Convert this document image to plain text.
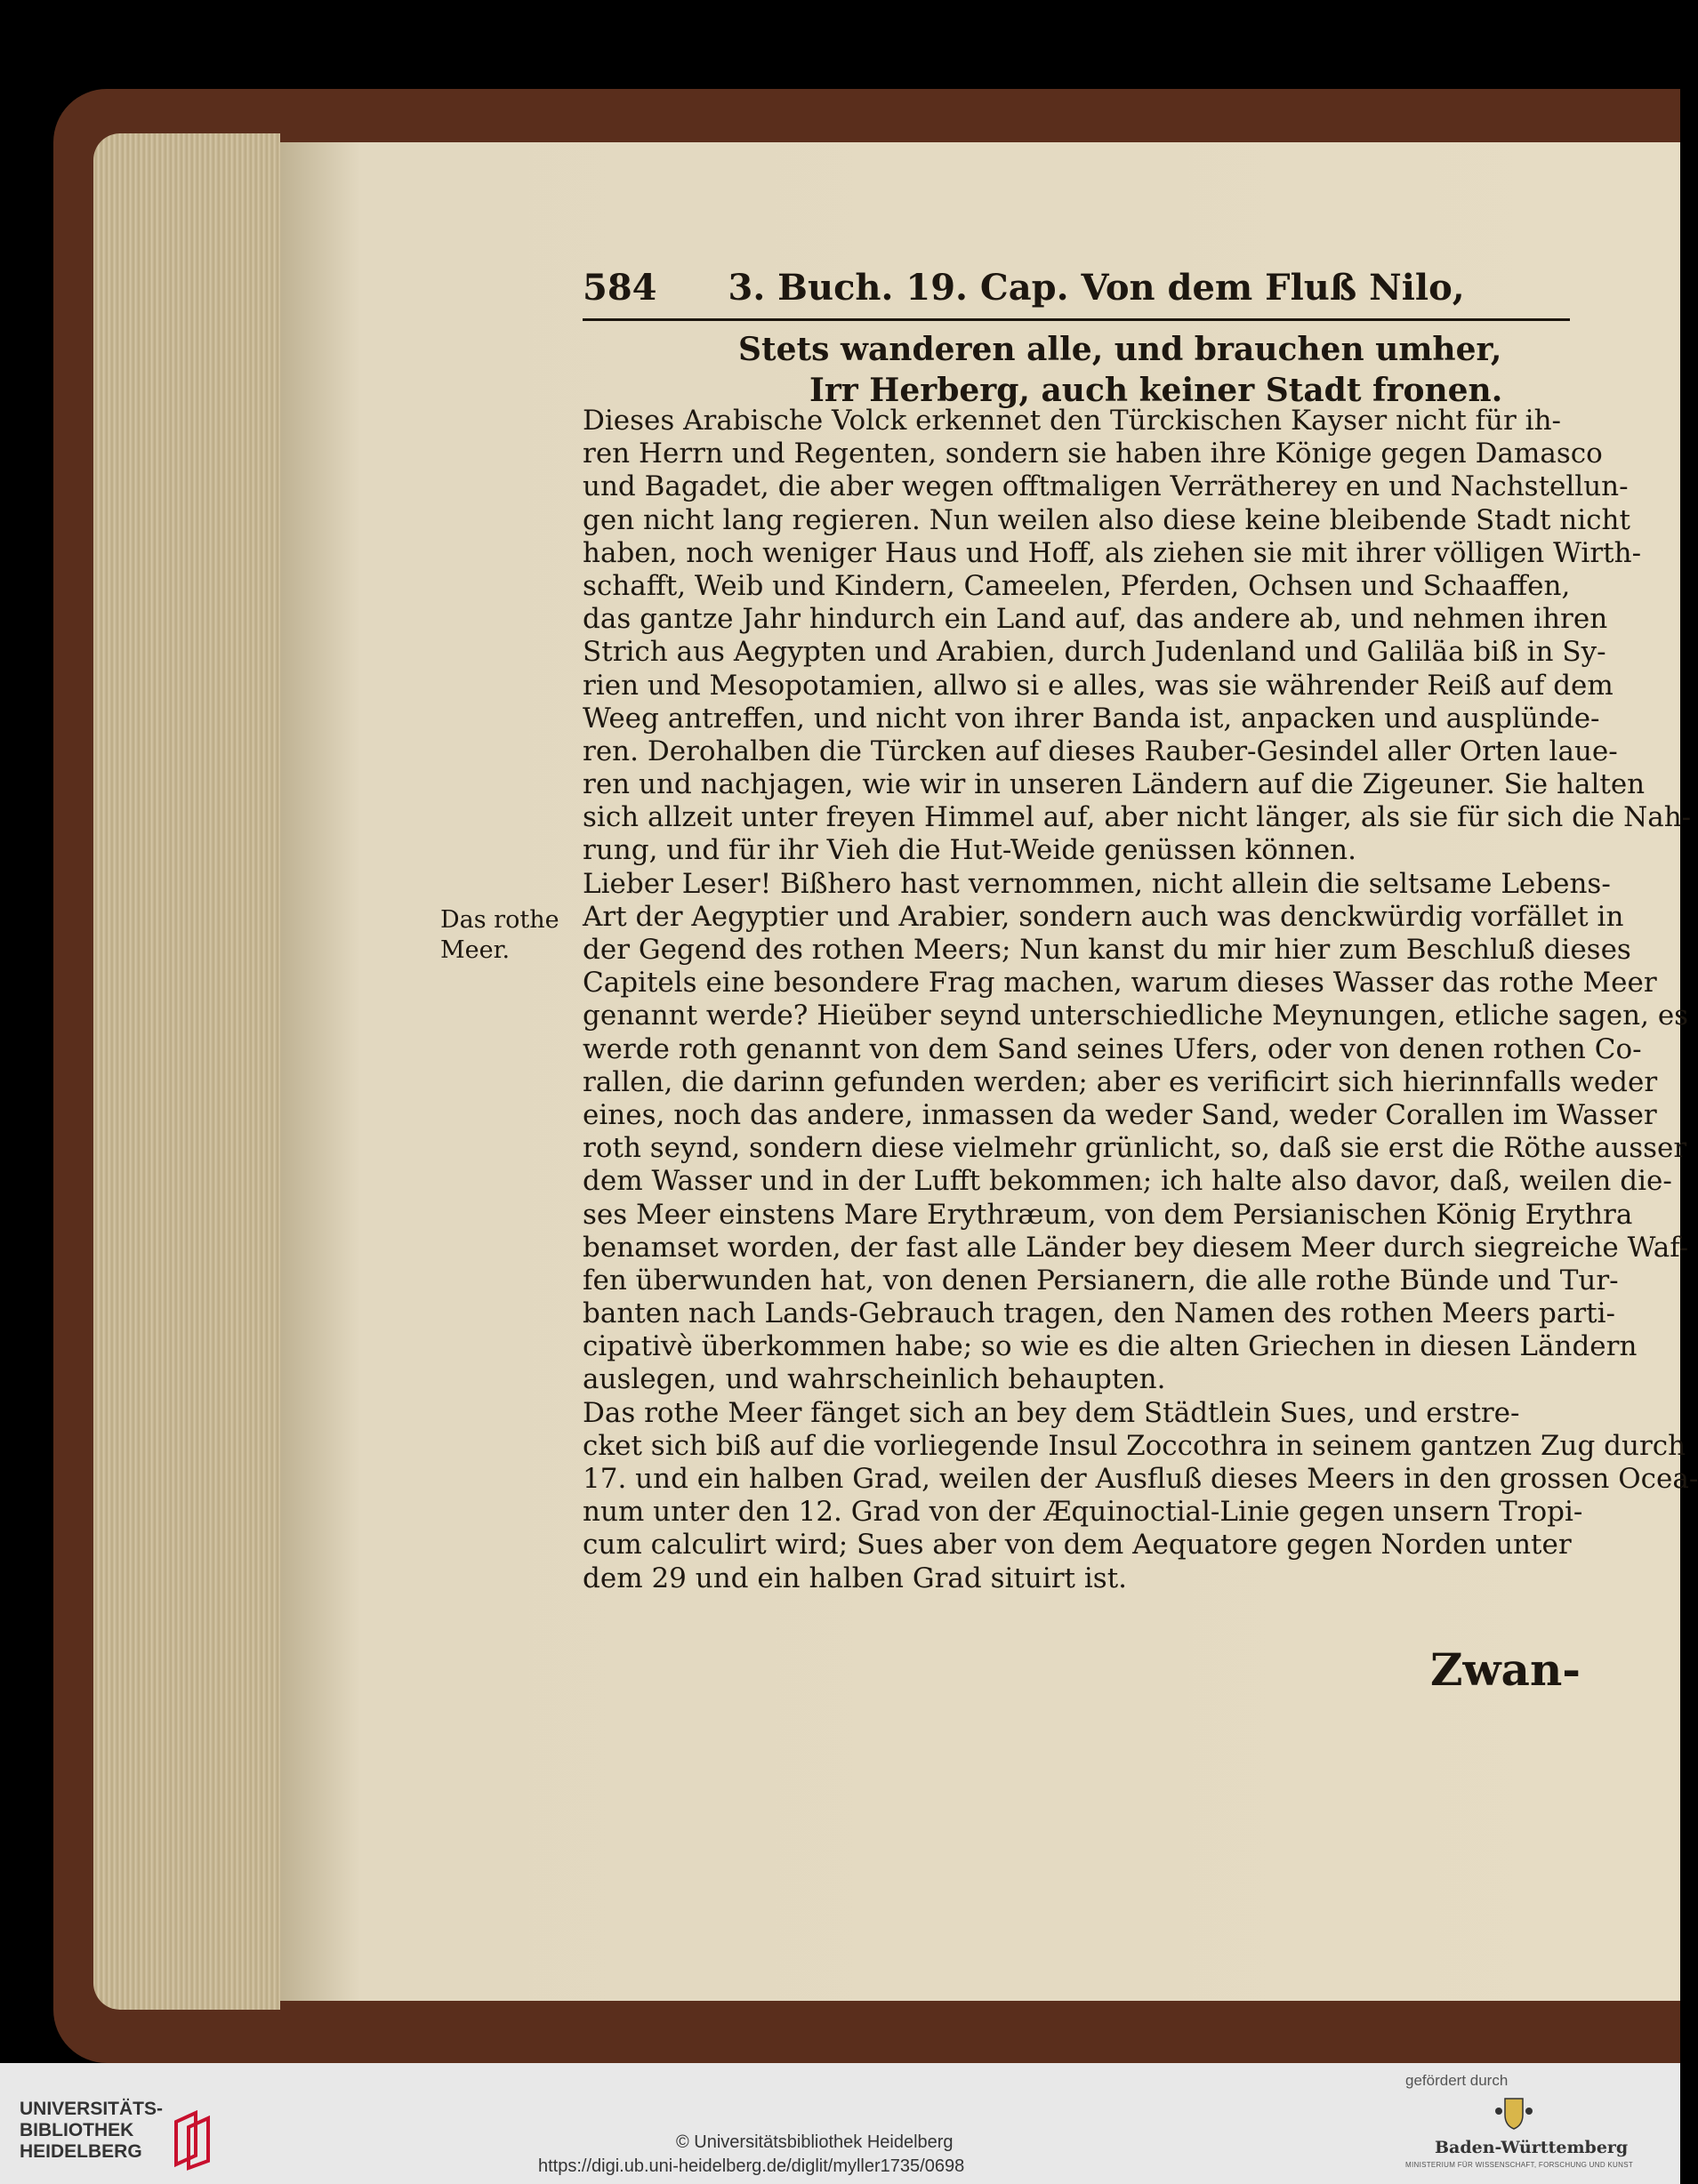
584 3. Buch. 19. Cap. Von dem Fluß Nilo,
Stets wanderen alle, und brauchen umher,
Irr Herberg, auch keiner Stadt fronen.
Dieses Arabische Volck erkennet den Türckischen Kayser nicht für ih-
ren Herrn und Regenten, sondern sie haben ihre Könige gegen Damasco
und Bagadet, die aber wegen offtmaligen Verrätherey en und Nachstellun-
gen nicht lang regieren. Nun weilen also diese keine bleibende Stadt nicht
haben, noch weniger Haus und Hoff, als ziehen sie mit ihrer völligen Wirth-
schafft, Weib und Kindern, Cameelen, Pferden, Ochsen und Schaaffen,
das gantze Jahr hindurch ein Land auf, das andere ab, und nehmen ihren
Strich aus Aegypten und Arabien, durch Judenland und Galiläa biß in Sy-
rien und Mesopotamien, allwo si e alles, was sie währender Reiß auf dem
Weeg antreffen, und nicht von ihrer Banda ist, anpacken und ausplünde-
ren. Derohalben die Türcken auf dieses Rauber-Gesindel aller Orten laue-
ren und nachjagen, wie wir in unseren Ländern auf die Zigeuner. Sie halten
sich allzeit unter freyen Himmel auf, aber nicht länger, als sie für sich die Nah-
rung, und für ihr Vieh die Hut-Weide genüssen können.
Lieber Leser! Bißhero hast vernommen, nicht allein die seltsame Lebens-
Art der Aegyptier und Arabier, sondern auch was denckwürdig vorfället in
der Gegend des rothen Meers; Nun kanst du mir hier zum Beschluß dieses
Capitels eine besondere Frag machen, warum dieses Wasser das rothe Meer
genannt werde? Hieüber seynd unterschiedliche Meynungen, etliche sagen, es
werde roth genannt von dem Sand seines Ufers, oder von denen rothen Co-
rallen, die darinn gefunden werden; aber es verificirt sich hierinnfalls weder
eines, noch das andere, inmassen da weder Sand, weder Corallen im Wasser
roth seynd, sondern diese vielmehr grünlicht, so, daß sie erst die Röthe ausser
dem Wasser und in der Lufft bekommen; ich halte also davor, daß, weilen die-
ses Meer einstens Mare Erythræum, von dem Persianischen König Erythra
benamset worden, der fast alle Länder bey diesem Meer durch siegreiche Waf-
fen überwunden hat, von denen Persianern, die alle rothe Bünde und Tur-
banten nach Lands-Gebrauch tragen, den Namen des rothen Meers parti-
cipativè überkommen habe; so wie es die alten Griechen in diesen Ländern
auslegen, und wahrscheinlich behaupten.
Das rothe Meer fänget sich an bey dem Städtlein Sues, und erstre-
cket sich biß auf die vorliegende Insul Zoccothra in seinem gantzen Zug durch
17. und ein halben Grad, weilen der Ausfluß dieses Meers in den grossen Ocea-
num unter den 12. Grad von der Æquinoctial-Linie gegen unsern Tropi-
cum calculirt wird; Sues aber von dem Aequatore gegen Norden unter
dem 29 und ein halben Grad situirt ist.
Das rothe
Meer.
Zwan-
UNIVERSITÄTS-
BIBLIOTHEK
HEIDELBERG	© Universitätsbibliothek Heidelberg
https://digi.ub.uni-heidelberg.de/diglit/myller1735/0698
gefördert durch
Baden-Württemberg
MINISTERIUM FÜR WISSENSCHAFT, FORSCHUNG UND KUNST
